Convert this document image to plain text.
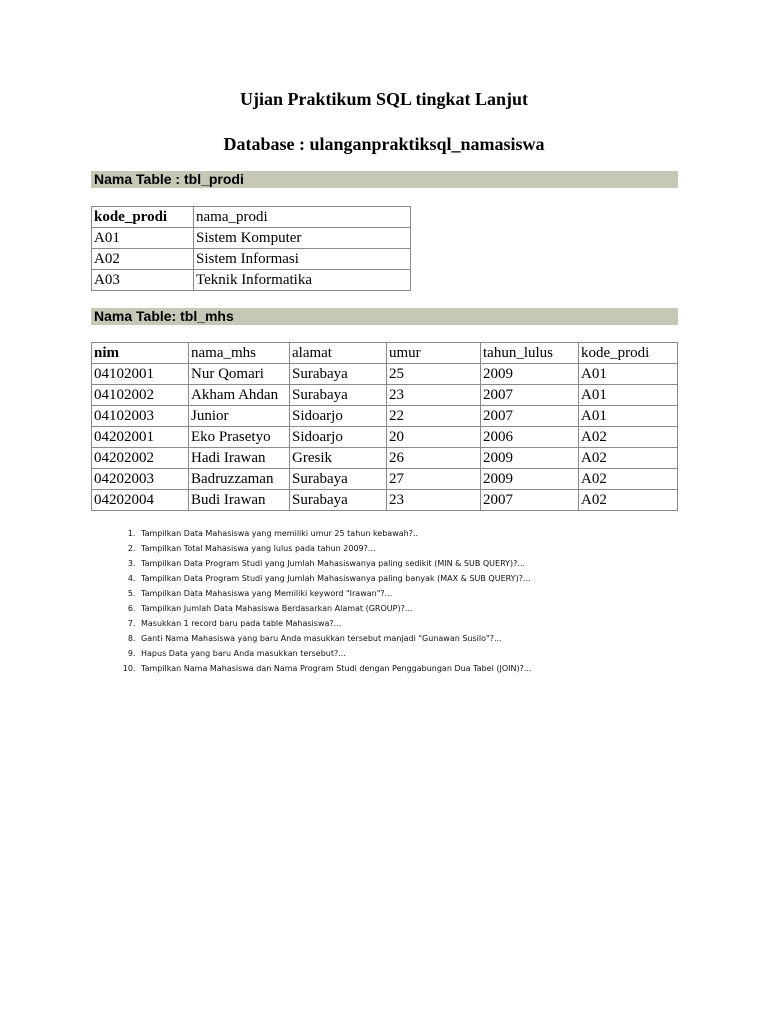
Ujian Praktikum SQL tingkat Lanjut
Database : ulanganpraktiksql_namasiswa
Nama Table : tbl_prodi
kode_prodi	nama_prodi
A01	Sistem Komputer
A02	Sistem Informasi
A03	Teknik Informatika
Nama Table: tbl_mhs
nim	nama_mhs	alamat	umur	tahun_lulus	kode_prodi
04102001	Nur Qomari	Surabaya	25	2009	A01
04102002	Akham Ahdan	Surabaya	23	2007	A01
04102003	Junior	Sidoarjo	22	2007	A01
04202001	Eko Prasetyo	Sidoarjo	20	2006	A02
04202002	Hadi Irawan	Gresik	26	2009	A02
04202003	Badruzzaman	Surabaya	27	2009	A02
04202004	Budi Irawan	Surabaya	23	2007	A02
1. Tampilkan Data Mahasiswa yang memiliki umur 25 tahun kebawah?..
2. Tampilkan Total Mahasiswa yang lulus pada tahun 2009?...
3. Tampilkan Data Program Studi yang Jumlah Mahasiswanya paling sedikit (MIN & SUB QUERY)?...
4. Tampilkan Data Program Studi yang Jumlah Mahasiswanya paling banyak (MAX & SUB QUERY)?...
5. Tampilkan Data Mahasiswa yang Memiliki keyword "Irawan"?...
6. Tampilkan Jumlah Data Mahasiswa Berdasarkan Alamat (GROUP)?...
7. Masukkan 1 record baru pada table Mahasiswa?...
8. Ganti Nama Mahasiswa yang baru Anda masukkan tersebut manjadi "Gunawan Susilo"?...
9. Hapus Data yang baru Anda masukkan tersebut?...
10. Tampilkan Nama Mahasiswa dan Nama Program Studi dengan Penggabungan Dua Tabel (JOIN)?...
